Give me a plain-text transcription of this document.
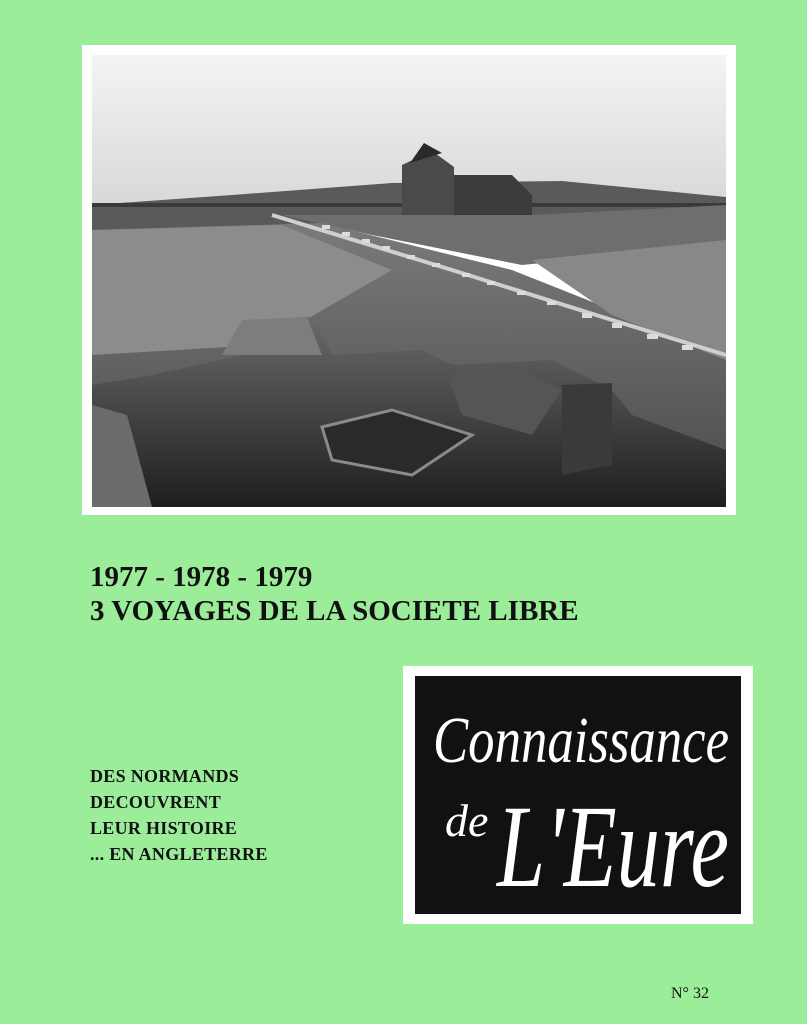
1977 - 1978 - 1979
3 VOYAGES DE LA SOCIETE LIBRE
DES NORMANDS
DECOUVRENT
LEUR HISTOIRE
... EN ANGLETERRE
Connaissance
de L'Eure
N° 32
